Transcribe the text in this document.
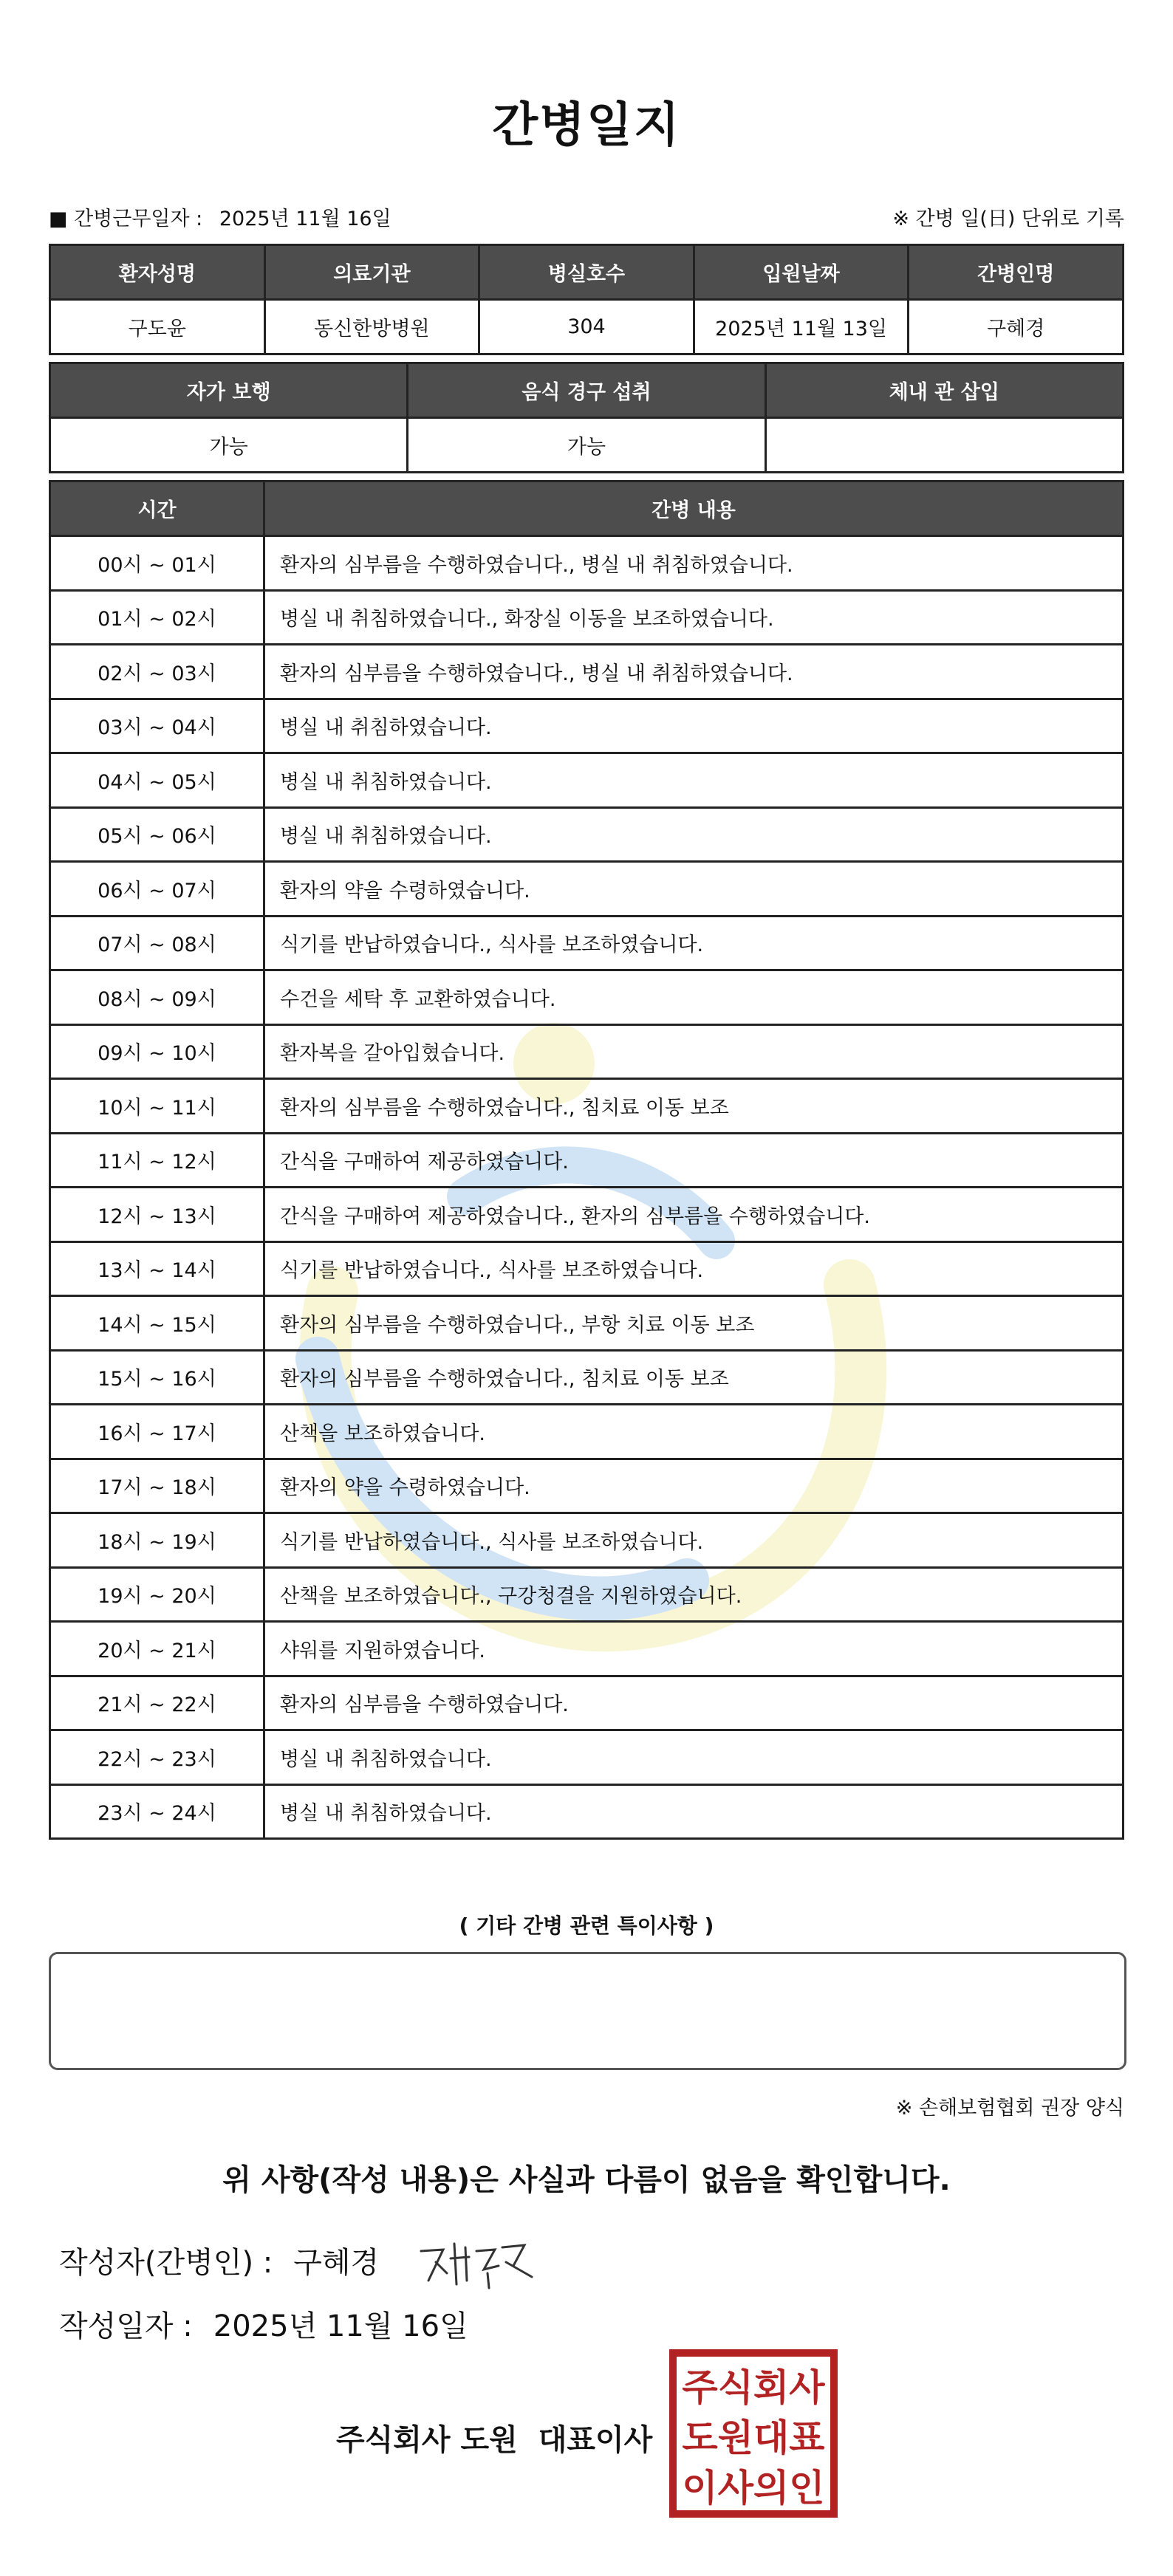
간병일지
■ 간병근무일자 : 2025년 11월 16일	※ 간병 일(日) 단위로 기록
환자성명	의료기관	병실호수	입원날짜	간병인명
구도윤	동신한방병원	304	2025년 11월 13일	구혜경
자가 보행	음식 경구 섭취	체내 관 삽입
가능	가능	
시간	간병 내용
00시 ~ 01시	환자의 심부름을 수행하였습니다., 병실 내 취침하였습니다.
01시 ~ 02시	병실 내 취침하였습니다., 화장실 이동을 보조하였습니다.
02시 ~ 03시	환자의 심부름을 수행하였습니다., 병실 내 취침하였습니다.
03시 ~ 04시	병실 내 취침하였습니다.
04시 ~ 05시	병실 내 취침하였습니다.
05시 ~ 06시	병실 내 취침하였습니다.
06시 ~ 07시	환자의 약을 수령하였습니다.
07시 ~ 08시	식기를 반납하였습니다., 식사를 보조하였습니다.
08시 ~ 09시	수건을 세탁 후 교환하였습니다.
09시 ~ 10시	환자복을 갈아입혔습니다.
10시 ~ 11시	환자의 심부름을 수행하였습니다., 침치료 이동 보조
11시 ~ 12시	간식을 구매하여 제공하였습니다.
12시 ~ 13시	간식을 구매하여 제공하였습니다., 환자의 심부름을 수행하였습니다.
13시 ~ 14시	식기를 반납하였습니다., 식사를 보조하였습니다.
14시 ~ 15시	환자의 심부름을 수행하였습니다., 부항 치료 이동 보조
15시 ~ 16시	환자의 심부름을 수행하였습니다., 침치료 이동 보조
16시 ~ 17시	산책을 보조하였습니다.
17시 ~ 18시	환자의 약을 수령하였습니다.
18시 ~ 19시	식기를 반납하였습니다., 식사를 보조하였습니다.
19시 ~ 20시	산책을 보조하였습니다., 구강청결을 지원하였습니다.
20시 ~ 21시	샤워를 지원하였습니다.
21시 ~ 22시	환자의 심부름을 수행하였습니다.
22시 ~ 23시	병실 내 취침하였습니다.
23시 ~ 24시	병실 내 취침하였습니다.
( 기타 간병 관련 특이사항 )
※ 손해보험협회 권장 양식
위 사항(작성 내용)은 사실과 다름이 없음을 확인합니다.
작성자(간병인) : 구혜경
작성일자 : 2025년 11월 16일
주식회사 도원 대표이사
주식회사
도원대표
이사의인
